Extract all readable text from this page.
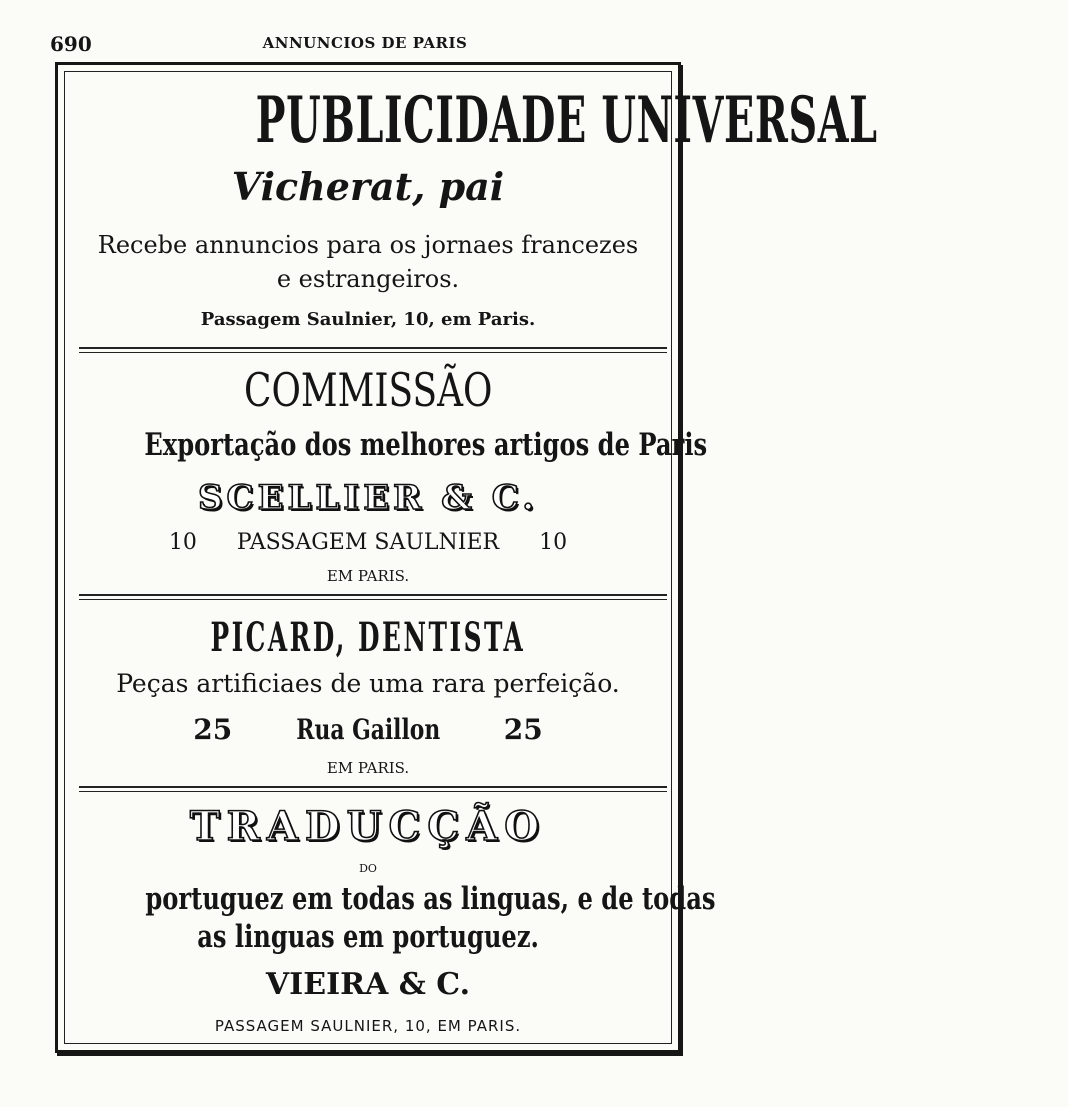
690	ANNUNCIOS DE PARIS
PUBLICIDADE UNIVERSAL
Vicherat, pai
Recebe annuncios para os jornaes francezes
e estrangeiros.
Passagem Saulnier, 10, em Paris.
COMMISSÃO
Exportação dos melhores artigos de Paris
SCELLIER & C.
10 PASSAGEM SAULNIER 10
EM PARIS.
PICARD, DENTISTA
Peças artificiaes de uma rara perfeição.
25 Rua Gaillon 25
EM PARIS.
TRADUCÇÃO
DO
portuguez em todas as linguas, e de todas
as linguas em portuguez.
VIEIRA & C.
PASSAGEM SAULNIER, 10, EM PARIS.
